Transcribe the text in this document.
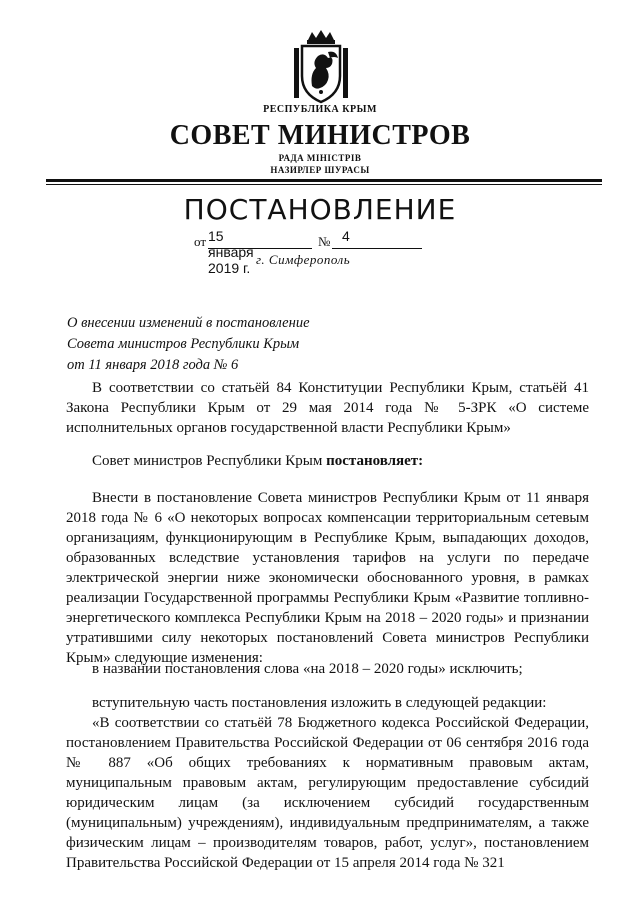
РЕСПУБЛИКА КРЫМ
СОВЕТ МИНИСТРОВ
РАДА МІНІСТРІВ
НАЗИРЛЕР ШУРАСЫ
ПОСТАНОВЛЕНИЕ
от 15 января 2019 г.
№ 4
г. Симферополь
О внесении изменений в постановление
Совета министров Республики Крым
от 11 января 2018 года № 6

В соответствии со статьёй 84 Конституции Республики Крым, статьёй 41 Закона Республики Крым от 29 мая 2014 года № 5-ЗРК «О системе исполнительных органов государственной власти Республики Крым»

Совет министров Республики Крым постановляет:

Внести в постановление Совета министров Республики Крым от 11 января 2018 года № 6 «О некоторых вопросах компенсации территориальным сетевым организациям, функционирующим в Республике Крым, выпадающих доходов, образованных вследствие установления тарифов на услуги по передаче электрической энергии ниже экономически обоснованного уровня, в рамках реализации Государственной программы Республики Крым «Развитие топливно-энергетического комплекса Республики Крым на 2018 – 2020 годы» и признании утратившими силу некоторых постановлений Совета министров Республики Крым» следующие изменения:

в названии постановления слова «на 2018 – 2020 годы» исключить;

вступительную часть постановления изложить в следующей редакции:

«В соответствии со статьёй 78 Бюджетного кодекса Российской Федерации, постановлением Правительства Российской Федерации от 06 сентября 2016 года № 887 «Об общих требованиях к нормативным правовым актам, муниципальным правовым актам, регулирующим предоставление субсидий юридическим лицам (за исключением субсидий государственным (муниципальным) учреждениям), индивидуальным предпринимателям, а также физическим лицам – производителям товаров, работ, услуг», постановлением Правительства Российской Федерации от 15 апреля 2014 года № 321
